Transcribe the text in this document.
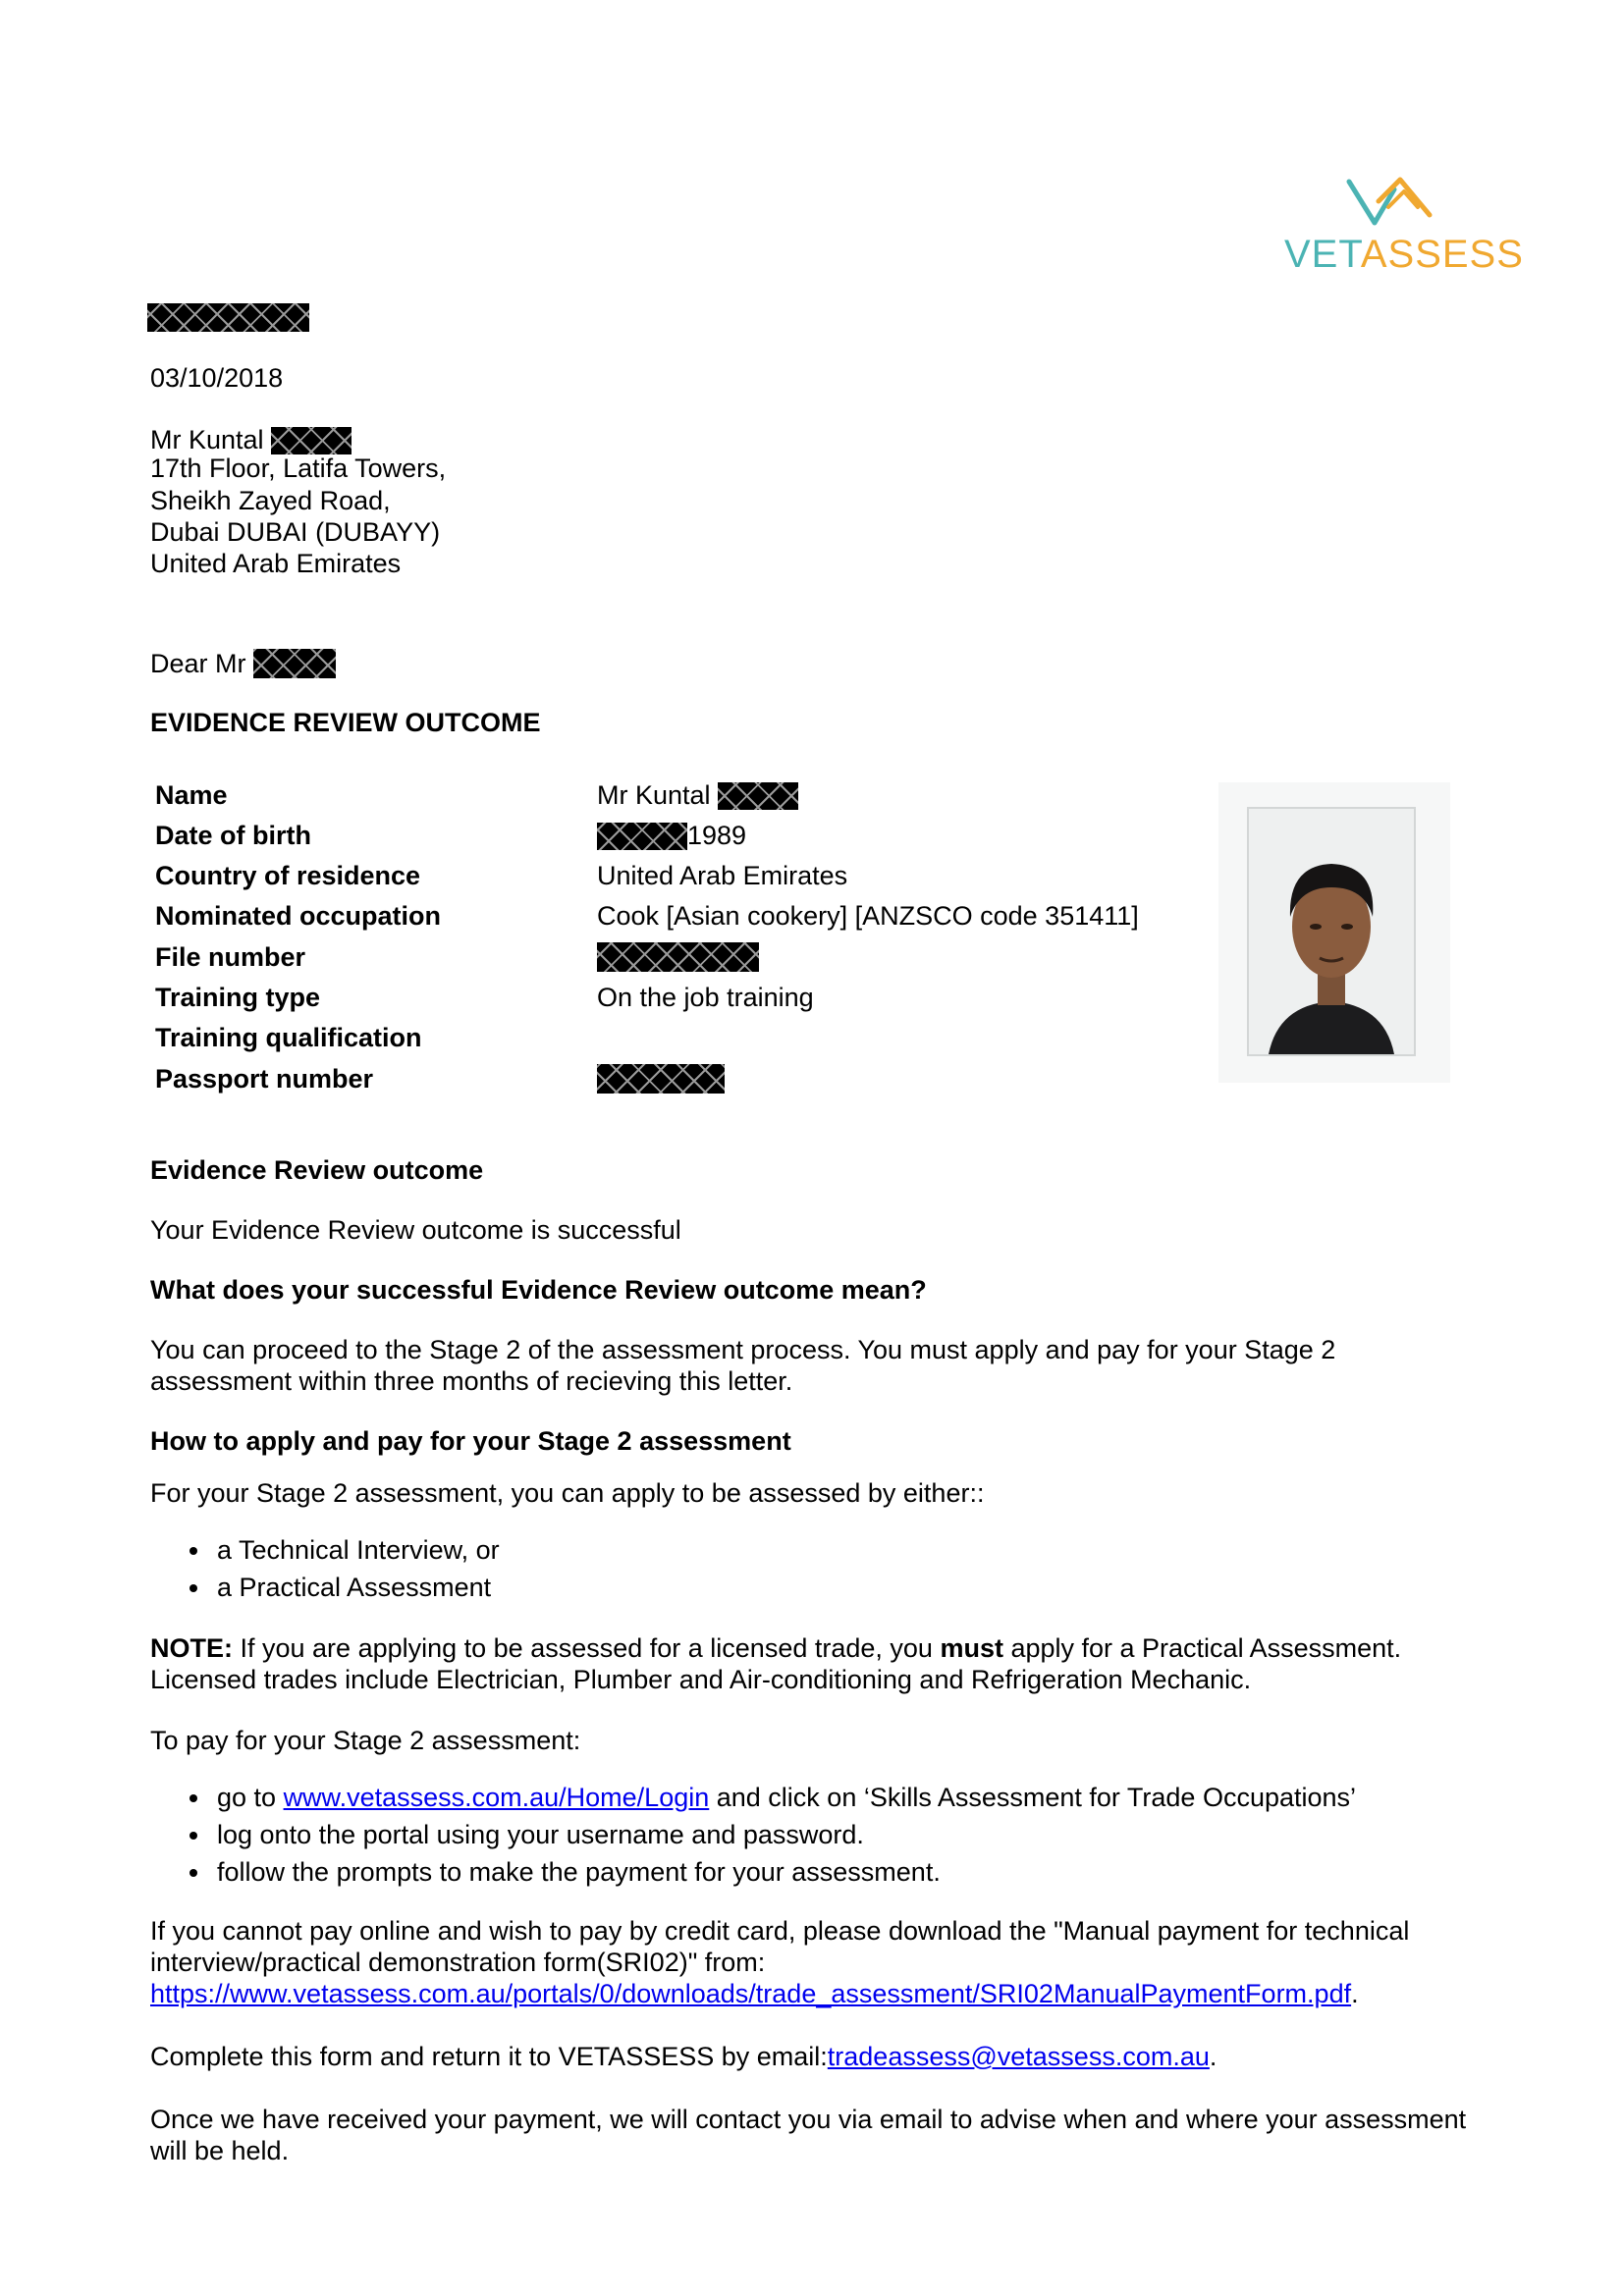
VETASSESS
03/10/2018
Mr Kuntal
17th Floor, Latifa Towers,
Sheikh Zayed Road,
Dubai DUBAI (DUBAYY)
United Arab Emirates
Dear Mr
EVIDENCE REVIEW OUTCOME
Name	Mr Kuntal
Date of birth	1989
Country of residence	United Arab Emirates
Nominated occupation	Cook [Asian cookery] [ANZSCO code 351411]
File number	
Training type	On the job training
Training qualification	
Passport number	
Evidence Review outcome
Your Evidence Review outcome is successful
What does your successful Evidence Review outcome mean?
You can proceed to the Stage 2 of the assessment process. You must apply and pay for your Stage 2 assessment within three months of recieving this letter.
How to apply and pay for your Stage 2 assessment
For your Stage 2 assessment, you can apply to be assessed by either::
a Technical Interview, or
a Practical Assessment
NOTE: If you are applying to be assessed for a licensed trade, you must apply for a Practical Assessment. Licensed trades include Electrician, Plumber and Air-conditioning and Refrigeration Mechanic.
To pay for your Stage 2 assessment:
go to www.vetassess.com.au/Home/Login and click on ‘Skills Assessment for Trade Occupations’
log onto the portal using your username and password.
follow the prompts to make the payment for your assessment.
If you cannot pay online and wish to pay by credit card, please download the "Manual payment for technical interview/practical demonstration form(SRI02)" from:
https://www.vetassess.com.au/portals/0/downloads/trade_assessment/SRI02ManualPaymentForm.pdf.
Complete this form and return it to VETASSESS by email:tradeassess@vetassess.com.au.
Once we have received your payment, we will contact you via email to advise when and where your assessment will be held.
